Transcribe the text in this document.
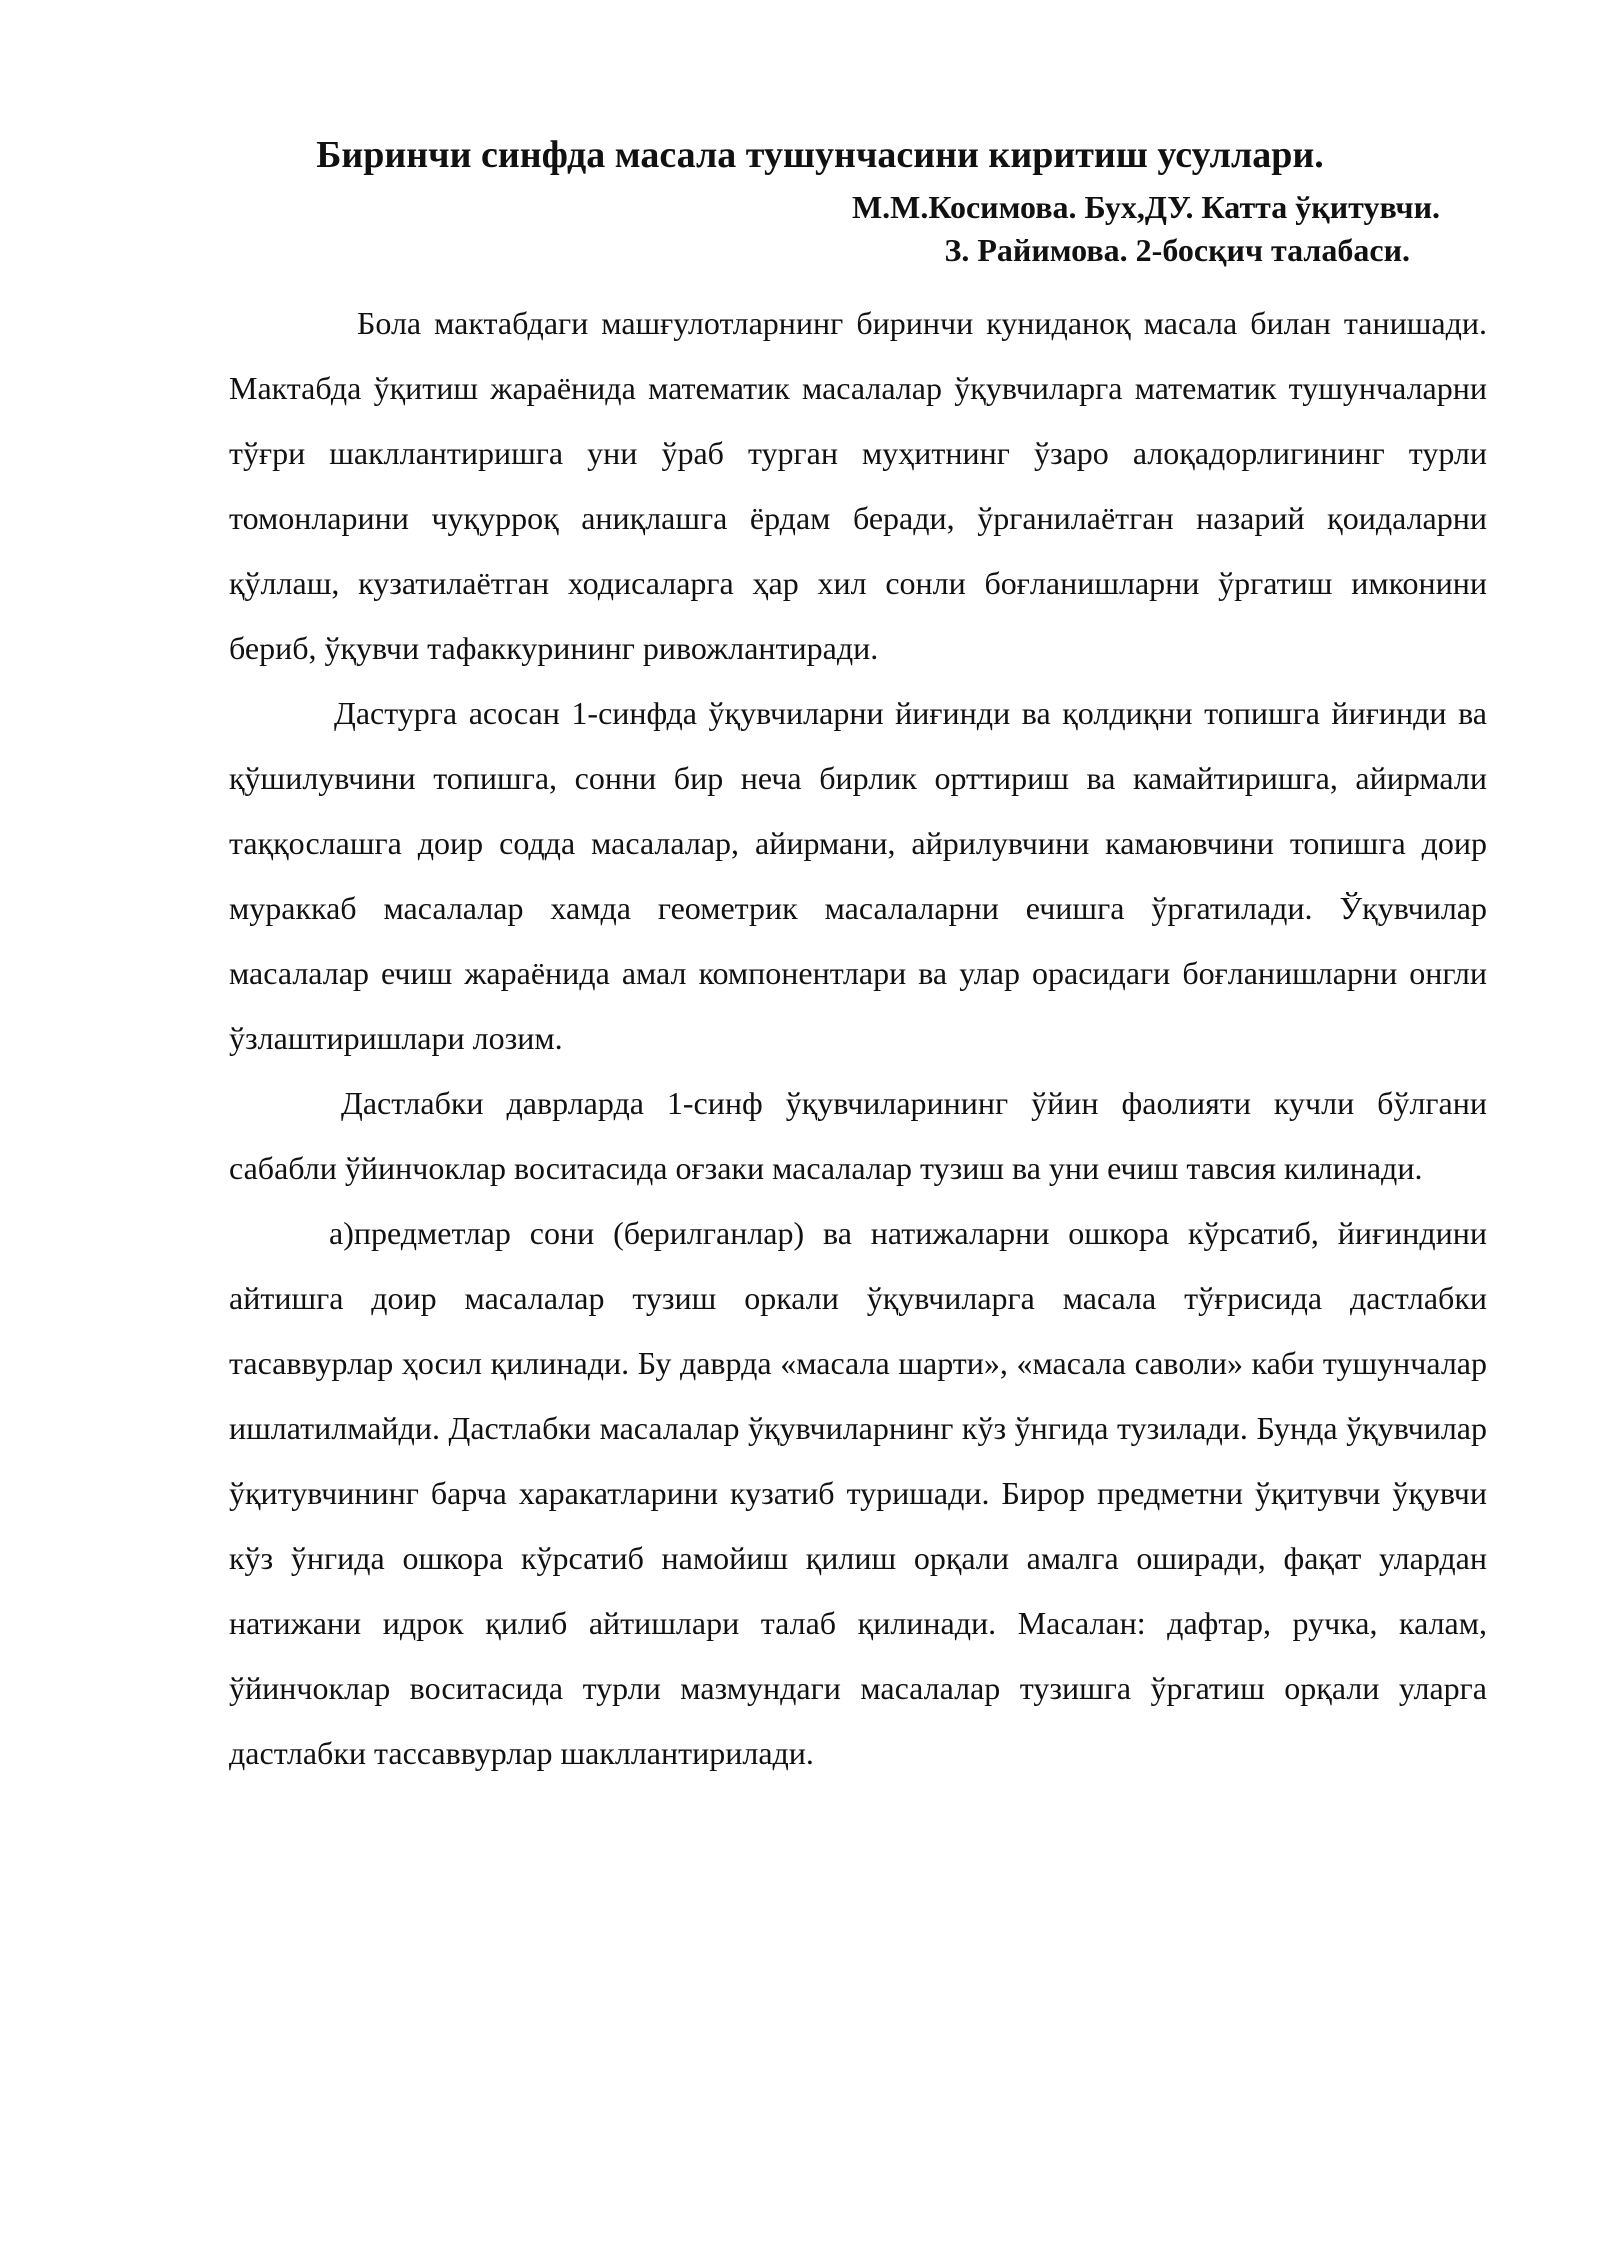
Биринчи синфда масала тушунчасини киритиш усуллари.

М.М.Косимова. Бух,ДУ. Катта ўқитувчи.

З. Райимова. 2-босқич талабаси.

Бола мактабдаги машғулотларнинг биринчи куниданоқ масала билан танишади. Мактабда ўқитиш жараёнида математик масалалар ўқувчиларга математик тушунчаларни тўғри шакллантиришга уни ўраб турган муҳитнинг ўзаро алоқадорлигининг турли томонларини чуқурроқ аниқлашга ёрдам беради, ўрганилаётган назарий қоидаларни қўллаш, кузатилаётган ходисаларга ҳар хил сонли боғланишларни ўргатиш имконини бериб, ўқувчи тафаккурининг ривожлантиради.

Дастурга асосан 1-синфда ўқувчиларни йиғинди ва қолдиқни топишга йиғинди ва қўшилувчини топишга, сонни бир неча бирлик орттириш ва камайтиришга, айирмали таққослашга доир содда масалалар, айирмани, айрилувчини камаювчини топишга доир мураккаб масалалар хамда геометрик масалаларни ечишга ўргатилади. Ўқувчилар масалалар ечиш жараёнида амал компонентлари ва улар орасидаги боғланишларни онгли ўзлаштиришлари лозим.

Дастлабки даврларда 1-синф ўқувчиларининг ўйин фаолияти кучли бўлгани сабабли ўйинчоклар воситасида оғзаки масалалар тузиш ва уни ечиш тавсия килинади.

а)предметлар сони (берилганлар) ва натижаларни ошкора кўрсатиб, йиғиндини айтишга доир масалалар тузиш оркали ўқувчиларга масала тўғрисида дастлабки тасаввурлар ҳосил қилинади. Бу даврда «масала шарти», «масала саволи» каби тушунчалар ишлатилмайди. Дастлабки масалалар ўқувчиларнинг кўз ўнгида тузилади. Бунда ўқувчилар ўқитувчининг барча харакатларини кузатиб туришади. Бирор предметни ўқитувчи ўқувчи кўз ўнгида ошкора кўрсатиб намойиш қилиш орқали амалга оширади, фақат улардан натижани идрок қилиб айтишлари талаб қилинади. Масалан: дафтар, ручка, калам, ўйинчоклар воситасида турли мазмундаги масалалар тузишга ўргатиш орқали уларга дастлабки тассаввурлар шакллантирилади.
